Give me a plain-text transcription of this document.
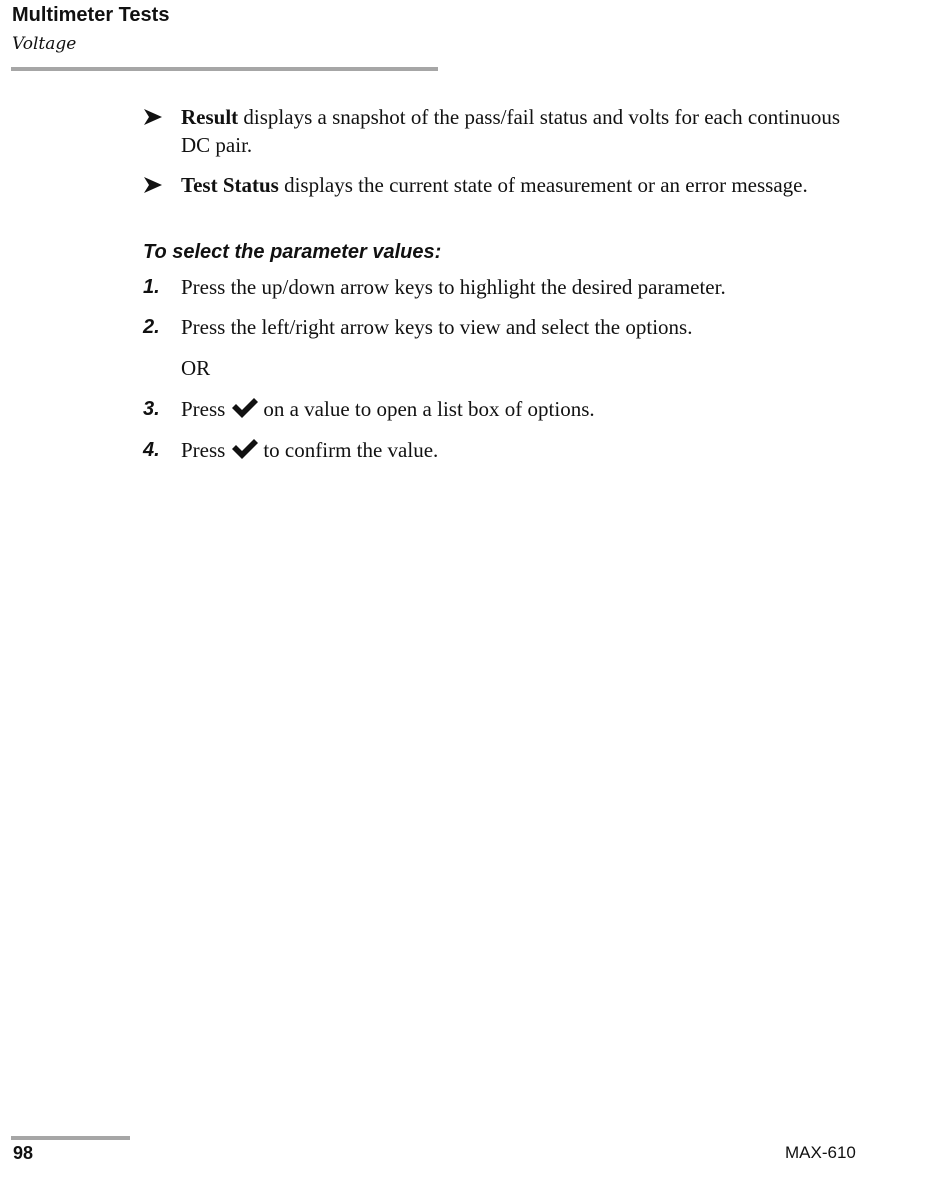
Multimeter Tests
Voltage
Result displays a snapshot of the pass/fail status and volts for each continuous DC pair.
Test Status displays the current state of measurement or an error message.
To select the parameter values:
1. Press the up/down arrow keys to highlight the desired parameter.
2. Press the left/right arrow keys to view and select the options.
OR
3. Press on a value to open a list box of options.
4. Press to confirm the value.
98	MAX-610
